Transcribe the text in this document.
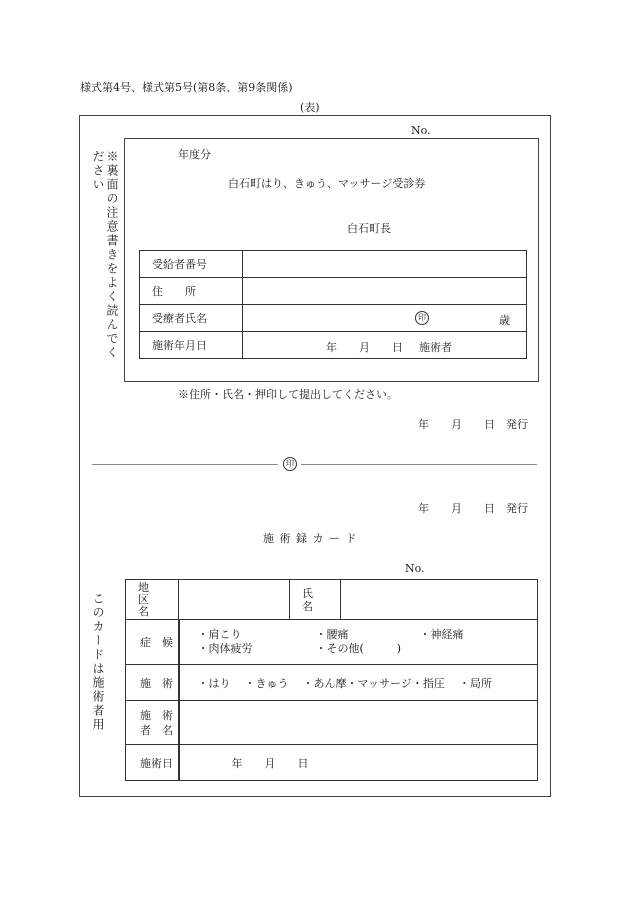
様式第4号、様式第5号(第8条、第9条関係)
(表)
No.
※裏面の注意書きをよく読んでください	年度分
白石町はり、きゅう、マッサージ受診券
白石町長
受給者番号	
住　　所	
受療者氏名	印 歳

施術年月日	年　　月　　日 施術者
※住所・氏名・押印して提出してください。
年　　月　　日　発行
印
年　　月　　日　発行
施 術 録 カ ー ド
No.
このカードは施術者用
地区名		氏名	

症　候	・肩こり ・腰痛 ・神経痛
・肉体疲労 ・その他(　　　)		

施　術	・はり ・きゅう ・あん摩・マッサージ・指圧 ・局所		

施　術
者　名			

施術日	年　　月　　日		
